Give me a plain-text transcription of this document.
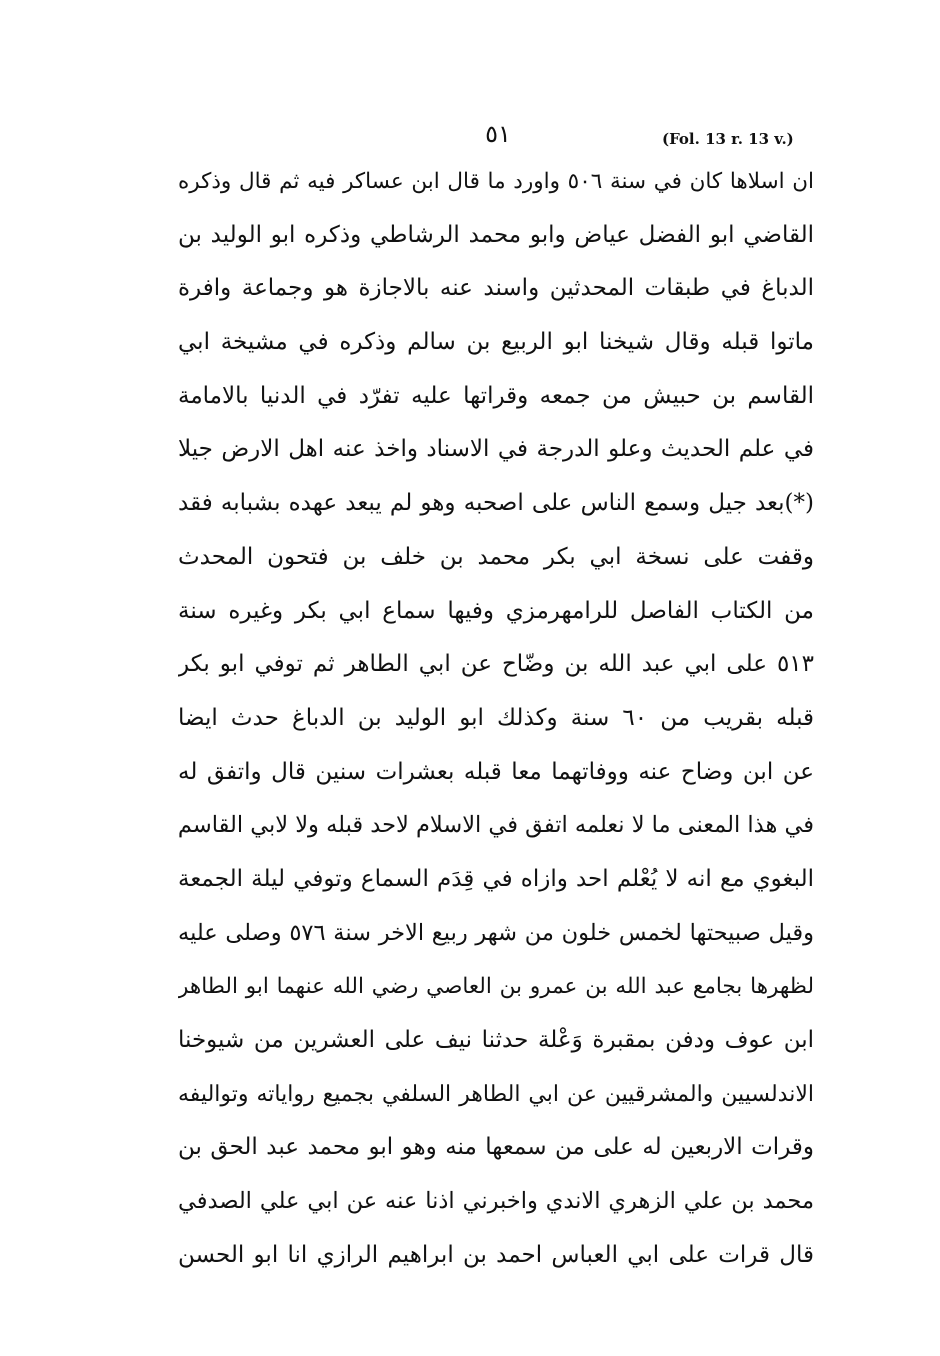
٥١	(Fol. 13 r. 13 v.)
ان اسلاها كان في سنة ٥٠٦ واورد ما قال ابن عساكر فيه ثم قال وذكره
القاضي ابو الفضل عياض وابو محمد الرشاطي وذكره ابو الوليد بن
الدباغ في طبقات المحدثين واسند عنه بالاجازة هو وجماعة وافرة
ماتوا قبله وقال شيخنا ابو الربيع بن سالم وذكره في مشيخة ابي
القاسم بن حبيش من جمعه وقراتها عليه تفرّد في الدنيا بالامامة
في علم الحديث وعلو الدرجة في الاسناد واخذ عنه اهل الارض جيلا
(*)بعد جيل وسمع الناس على اصحبه وهو لم يبعد عهده بشبابه فقد
وقفت على نسخة ابي بكر محمد بن خلف بن فتحون المحدث
من الكتاب الفاصل للرامهرمزي وفيها سماع ابي بكر وغيره سنة
٥١٣ على ابي عبد الله بن وضّاح عن ابي الطاهر ثم توفي ابو بكر
قبله بقريب من ٦٠ سنة وكذلك ابو الوليد بن الدباغ حدث ايضا
عن ابن وضاح عنه ووفاتهما معا قبله بعشرات سنين قال واتفق له
في هذا المعنى ما لا نعلمه اتفق في الاسلام لاحد قبله ولا لابي القاسم
البغوي مع انه لا يُعْلم احد وازاه في قِدَم السماع وتوفي ليلة الجمعة
وقيل صبيحتها لخمس خلون من شهر ربيع الاخر سنة ٥٧٦ وصلى عليه
لظهرها بجامع عبد الله بن عمرو بن العاصي رضي الله عنهما ابو الطاهر
ابن عوف ودفن بمقبرة وَعْلة حدثنا نيف على العشرين من شيوخنا
الاندلسيين والمشرقيين عن ابي الطاهر السلفي بجميع رواياته وتواليفه
وقرات الاربعين له على من سمعها منه وهو ابو محمد عبد الحق بن
محمد بن علي الزهري الاندي واخبرني اذنا عنه عن ابي علي الصدفي
قال قرات على ابي العباس احمد بن ابراهيم الرازي انا ابو الحسن
